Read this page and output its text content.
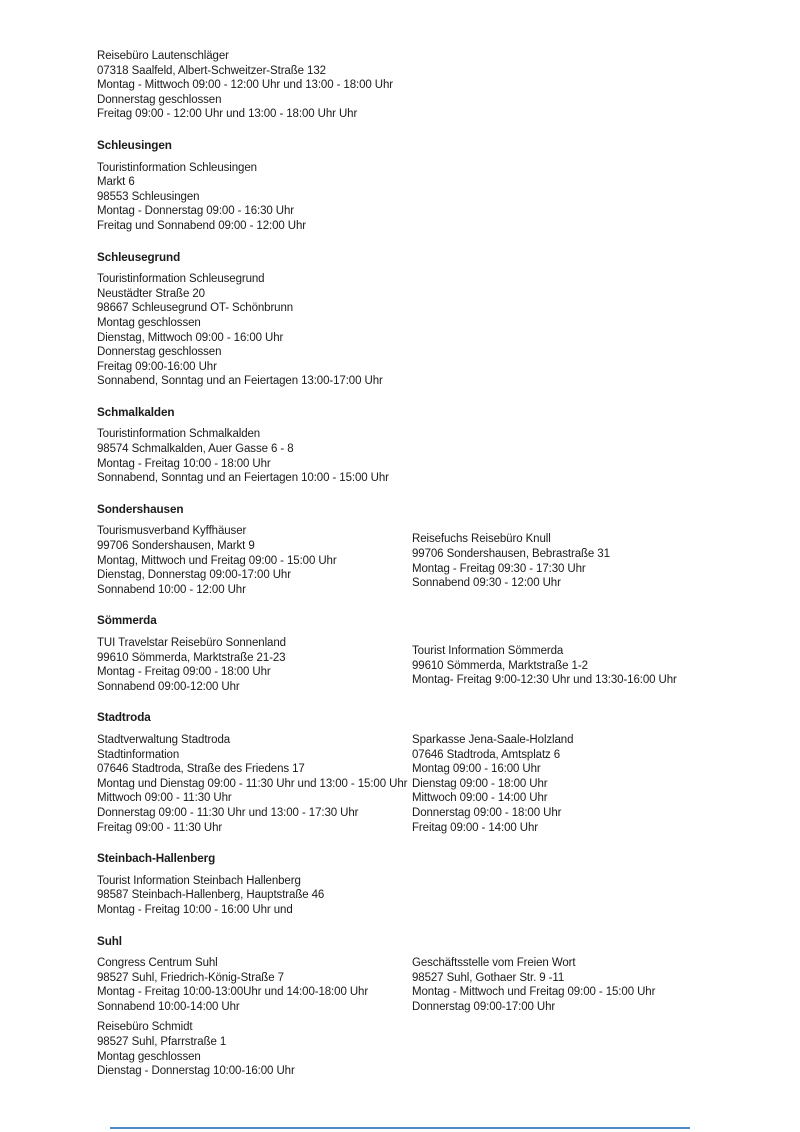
Reisebüro Lautenschläger
07318 Saalfeld, Albert-Schweitzer-Straße 132
Montag - Mittwoch 09:00 - 12:00 Uhr und 13:00 - 18:00 Uhr
Donnerstag geschlossen
Freitag 09:00 - 12:00 Uhr und 13:00 - 18:00 Uhr Uhr
Schleusingen
Touristinformation Schleusingen
Markt 6
98553 Schleusingen
Montag - Donnerstag 09:00 - 16:30 Uhr
Freitag und Sonnabend 09:00 - 12:00 Uhr
Schleusegrund
Touristinformation Schleusegrund
Neustädter Straße 20
98667 Schleusegrund OT- Schönbrunn
Montag geschlossen
Dienstag, Mittwoch 09:00 - 16:00 Uhr
Donnerstag geschlossen
Freitag 09:00-16:00 Uhr
Sonnabend, Sonntag und an Feiertagen 13:00-17:00 Uhr
Schmalkalden
Touristinformation Schmalkalden
98574 Schmalkalden, Auer Gasse 6 - 8
Montag - Freitag 10:00 - 18:00 Uhr
Sonnabend, Sonntag und an Feiertagen 10:00 - 15:00 Uhr
Sondershausen
Tourismusverband Kyffhäuser
99706 Sondershausen, Markt 9
Montag, Mittwoch und Freitag 09:00 - 15:00 Uhr
Dienstag, Donnerstag 09:00-17:00 Uhr
Sonnabend 10:00 - 12:00 Uhr
Reisefuchs Reisebüro Knull
99706 Sondershausen, Bebrastraße 31
Montag - Freitag 09:30 - 17:30 Uhr
Sonnabend 09:30 - 12:00 Uhr
Sömmerda
TUI Travelstar Reisebüro Sonnenland
99610 Sömmerda, Marktstraße 21-23
Montag - Freitag 09:00 - 18:00 Uhr
Sonnabend 09:00-12:00 Uhr
Tourist Information Sömmerda
99610 Sömmerda, Marktstraße 1-2
Montag- Freitag 9:00-12:30 Uhr und 13:30-16:00 Uhr
Stadtroda
Stadtverwaltung Stadtroda
Stadtinformation
07646 Stadtroda, Straße des Friedens 17
Montag und Dienstag 09:00 - 11:30 Uhr und 13:00 - 15:00 Uhr
Mittwoch 09:00 - 11:30 Uhr
Donnerstag 09:00 - 11:30 Uhr und 13:00 - 17:30 Uhr
Freitag 09:00 - 11:30 Uhr
Sparkasse Jena-Saale-Holzland
07646 Stadtroda, Amtsplatz 6
Montag 09:00 - 16:00 Uhr
Dienstag 09:00 - 18:00 Uhr
Mittwoch 09:00 - 14:00 Uhr
Donnerstag 09:00 - 18:00 Uhr
Freitag 09:00 - 14:00 Uhr
Steinbach-Hallenberg
Tourist Information Steinbach Hallenberg
98587 Steinbach-Hallenberg, Hauptstraße 46
Montag - Freitag 10:00 - 16:00 Uhr und
Suhl
Congress Centrum Suhl
98527 Suhl, Friedrich-König-Straße 7
Montag - Freitag 10:00-13:00Uhr und 14:00-18:00 Uhr
Sonnabend 10:00-14:00 Uhr
Reisebüro Schmidt
98527 Suhl, Pfarrstraße 1
Montag geschlossen
Dienstag - Donnerstag 10:00-16:00 Uhr
Geschäftsstelle vom Freien Wort
98527 Suhl, Gothaer Str. 9 -11
Montag - Mittwoch und Freitag 09:00 - 15:00 Uhr
Donnerstag 09:00-17:00 Uhr
